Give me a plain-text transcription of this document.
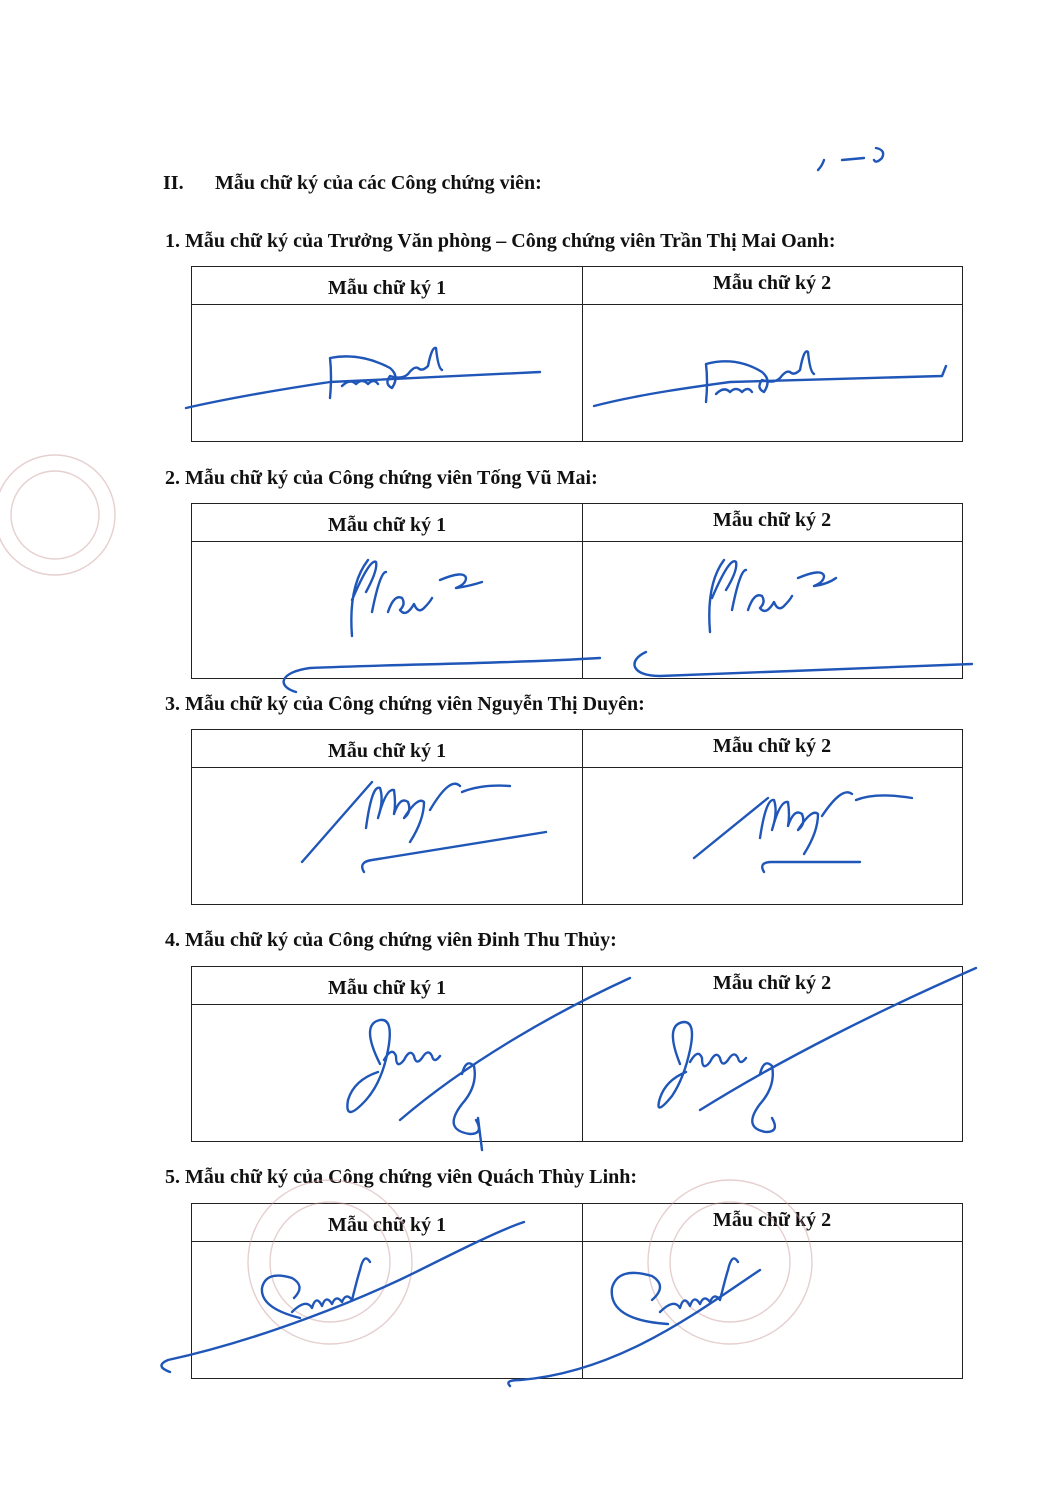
II. Mẫu chữ ký của các Công chứng viên:
1. Mẫu chữ ký của Trưởng Văn phòng – Công chứng viên Trần Thị Mai Oanh:
Mẫu chữ ký 1	Mẫu chữ ký 2
2. Mẫu chữ ký của Công chứng viên Tống Vũ Mai:
Mẫu chữ ký 1	Mẫu chữ ký 2
3. Mẫu chữ ký của Công chứng viên Nguyễn Thị Duyên:
Mẫu chữ ký 1	Mẫu chữ ký 2
4. Mẫu chữ ký của Công chứng viên Đinh Thu Thủy:
Mẫu chữ ký 1	Mẫu chữ ký 2
5. Mẫu chữ ký của Công chứng viên Quách Thùy Linh:
Mẫu chữ ký 1	Mẫu chữ ký 2
